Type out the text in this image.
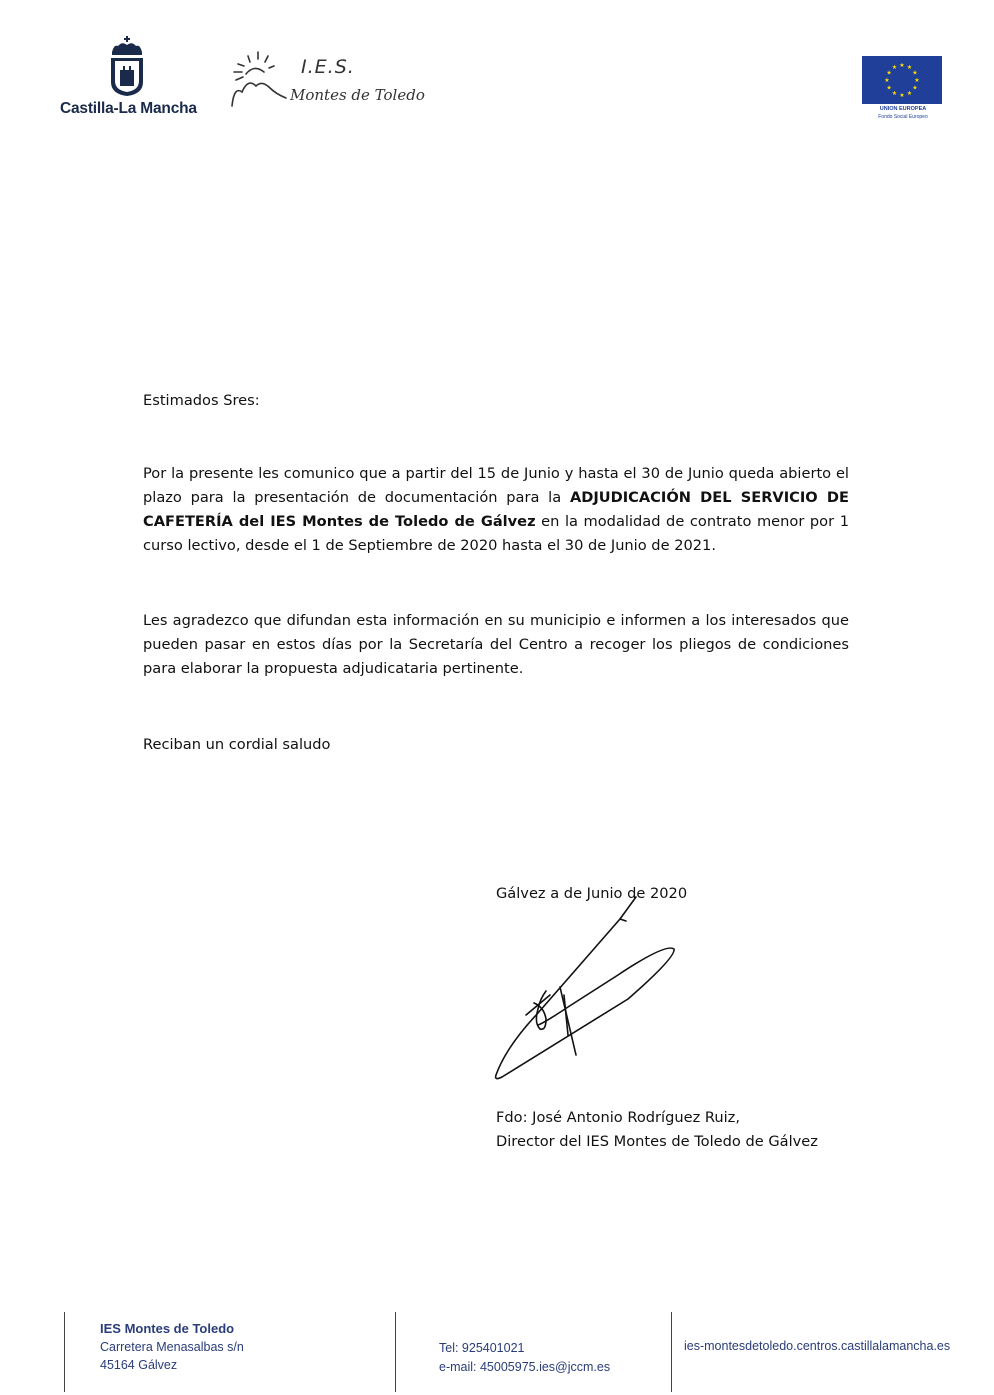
Castilla-La Mancha
I.E.S.
Montes de Toledo
★ ★
★
★
★
★
★
★
★
★
★
★
UNION EUROPEA
Fondo Social Europeo
Estimados Sres:
Por la presente les comunico que a partir del 15 de Junio y hasta el 30 de Junio queda abierto el plazo para la presentación de documentación para la ADJUDICACIÓN DEL SERVICIO DE CAFETERÍA del IES Montes de Toledo de Gálvez en la modalidad de contrato menor por 1 curso lectivo, desde el 1 de Septiembre de 2020 hasta el 30 de Junio de 2021.
Les agradezco que difundan esta información en su municipio e informen a los interesados que pueden pasar en estos días por la Secretaría del Centro a recoger los pliegos de condiciones para elaborar la propuesta adjudicataria pertinente.
Reciban un cordial saludo
Gálvez a de Junio de 2020
Fdo: José Antonio Rodríguez Ruiz,
Director del IES Montes de Toledo de Gálvez
IES Montes de Toledo
Carretera Menasalbas s/n
45164 Gálvez
Tel: 925401021
e-mail: 45005975.ies@jccm.es
ies-montesdetoledo.centros.castillalamancha.es
